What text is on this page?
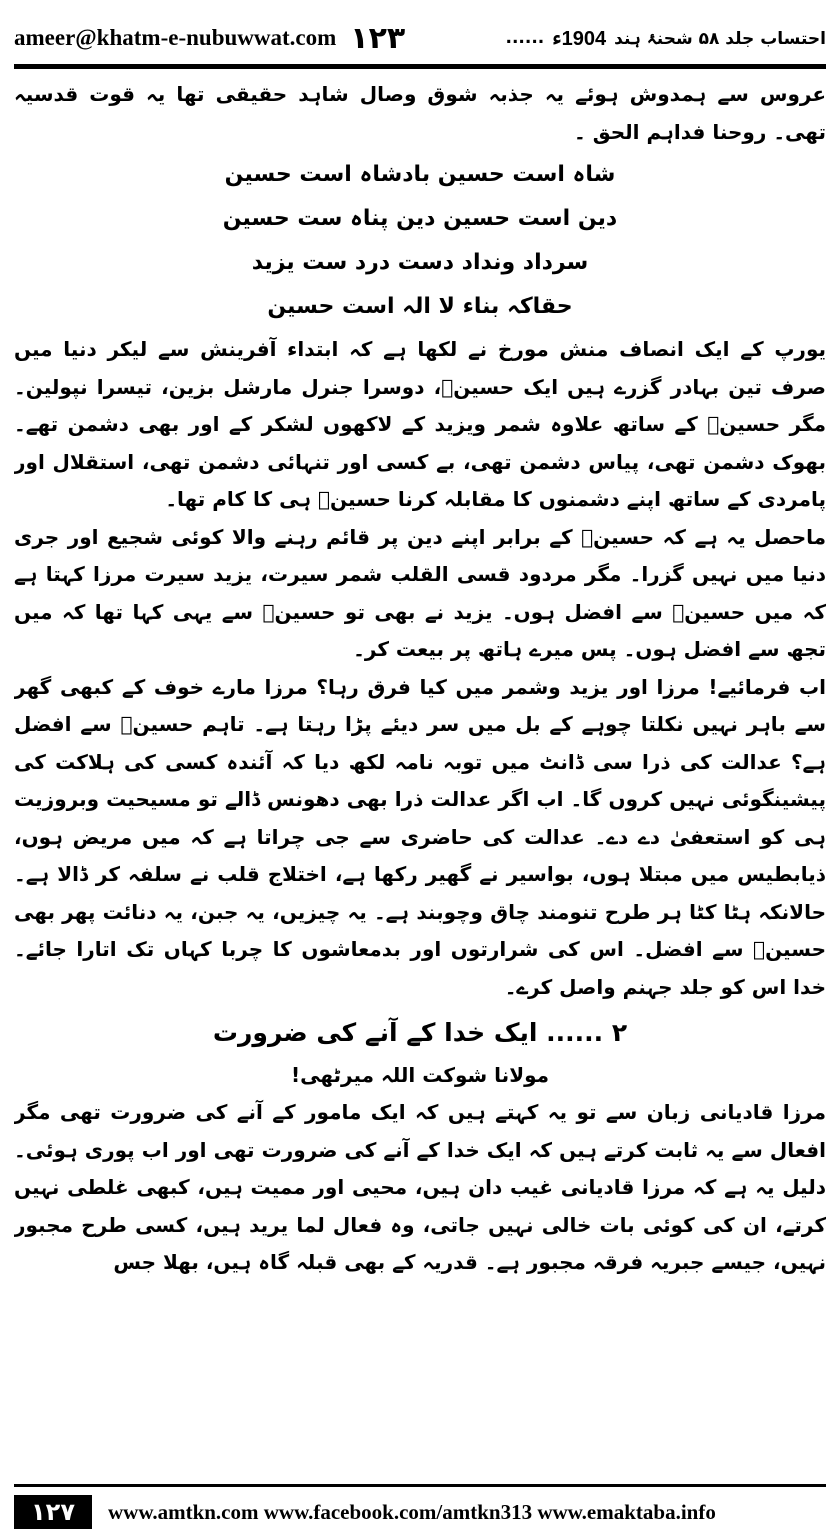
ameer@khatm-e-nubuwwat.com ۱۲۳	احتساب جلد ۵۸ شحنۂ ہند
1904ء
......

عروس سے ہمدوش ہوئے یہ جذبہ شوق وصال شاہد حقیقی تھا یہ قوت قدسیہ تھی۔ روحنا فداہم الحق ۔

شاہ است حسین بادشاہ است حسین
دین است حسین دین پناہ ست حسین
سرداد ونداد دست درد ست یزید
حقاکہ بناء لا الہ است حسین

یورپ کے ایک انصاف منش مورخ نے لکھا ہے کہ ابتداء آفرینش سے لیکر دنیا میں صرف تین بہادر گزرے ہیں ایک حسینؓ، دوسرا جنرل مارشل بزین، تیسرا نپولین۔ مگر حسینؓ کے ساتھ علاوہ شمر ویزید کے لاکھوں لشکر کے اور بھی دشمن تھے۔ بھوک دشمن تھی، پیاس دشمن تھی، بے کسی اور تنہائی دشمن تھی، استقلال اور پامردی کے ساتھ اپنے دشمنوں کا مقابلہ کرنا حسینؓ ہی کا کام تھا۔

ماحصل یہ ہے کہ حسینؓ کے برابر اپنے دین پر قائم رہنے والا کوئی شجیع اور جری دنیا میں نہیں گزرا۔ مگر مردود قسی القلب شمر سیرت، یزید سیرت مرزا کہتا ہے کہ میں حسینؓ سے افضل ہوں۔ یزید نے بھی تو حسینؓ سے یہی کہا تھا کہ میں تجھ سے افضل ہوں۔ پس میرے ہاتھ پر بیعت کر۔

اب فرمائیے! مرزا اور یزید وشمر میں کیا فرق رہا؟ مرزا مارے خوف کے کبھی گھر سے باہر نہیں نکلتا چوہے کے بل میں سر دیئے پڑا رہتا ہے۔ تاہم حسینؓ سے افضل ہے؟ عدالت کی ذرا سی ڈانٹ میں توبہ نامہ لکھ دیا کہ آئندہ کسی کی ہلاکت کی پیشینگوئی نہیں کروں گا۔ اب اگر عدالت ذرا بھی دھونس ڈالے تو مسیحیت وبروزیت ہی کو استعفیٰ دے دے۔ عدالت کی حاضری سے جی چراتا ہے کہ میں مریض ہوں، ذیابطیس میں مبتلا ہوں، بواسیر نے گھیر رکھا ہے، اختلاج قلب نے سلفہ کر ڈالا ہے۔ حالانکہ ہٹا کٹا ہر طرح تنومند چاق وچوبند ہے۔ یہ چیزیں، یہ جبن، یہ دنائت پھر بھی حسینؓ سے افضل۔ اس کی شرارتوں اور بدمعاشوں کا چربا کہاں تک اتارا جائے۔ خدا اس کو جلد جہنم واصل کرے۔

۲ ...... ایک خدا کے آنے کی ضرورت
مولانا شوکت اللہ میرٹھی!

مرزا قادیانی زبان سے تو یہ کہتے ہیں کہ ایک مامور کے آنے کی ضرورت تھی مگر افعال سے یہ ثابت کرتے ہیں کہ ایک خدا کے آنے کی ضرورت تھی اور اب پوری ہوئی۔ دلیل یہ ہے کہ مرزا قادیانی غیب دان ہیں، محیی اور ممیت ہیں، کبھی غلطی نہیں کرتے، ان کی کوئی بات خالی نہیں جاتی، وہ فعال لما یرید ہیں، کسی طرح مجبور نہیں، جیسے جبریہ فرقہ مجبور ہے۔ قدریہ کے بھی قبلہ گاہ ہیں، بھلا جس

۱۲۷	www.amtkn.com www.facebook.com/amtkn313 www.emaktaba.info
